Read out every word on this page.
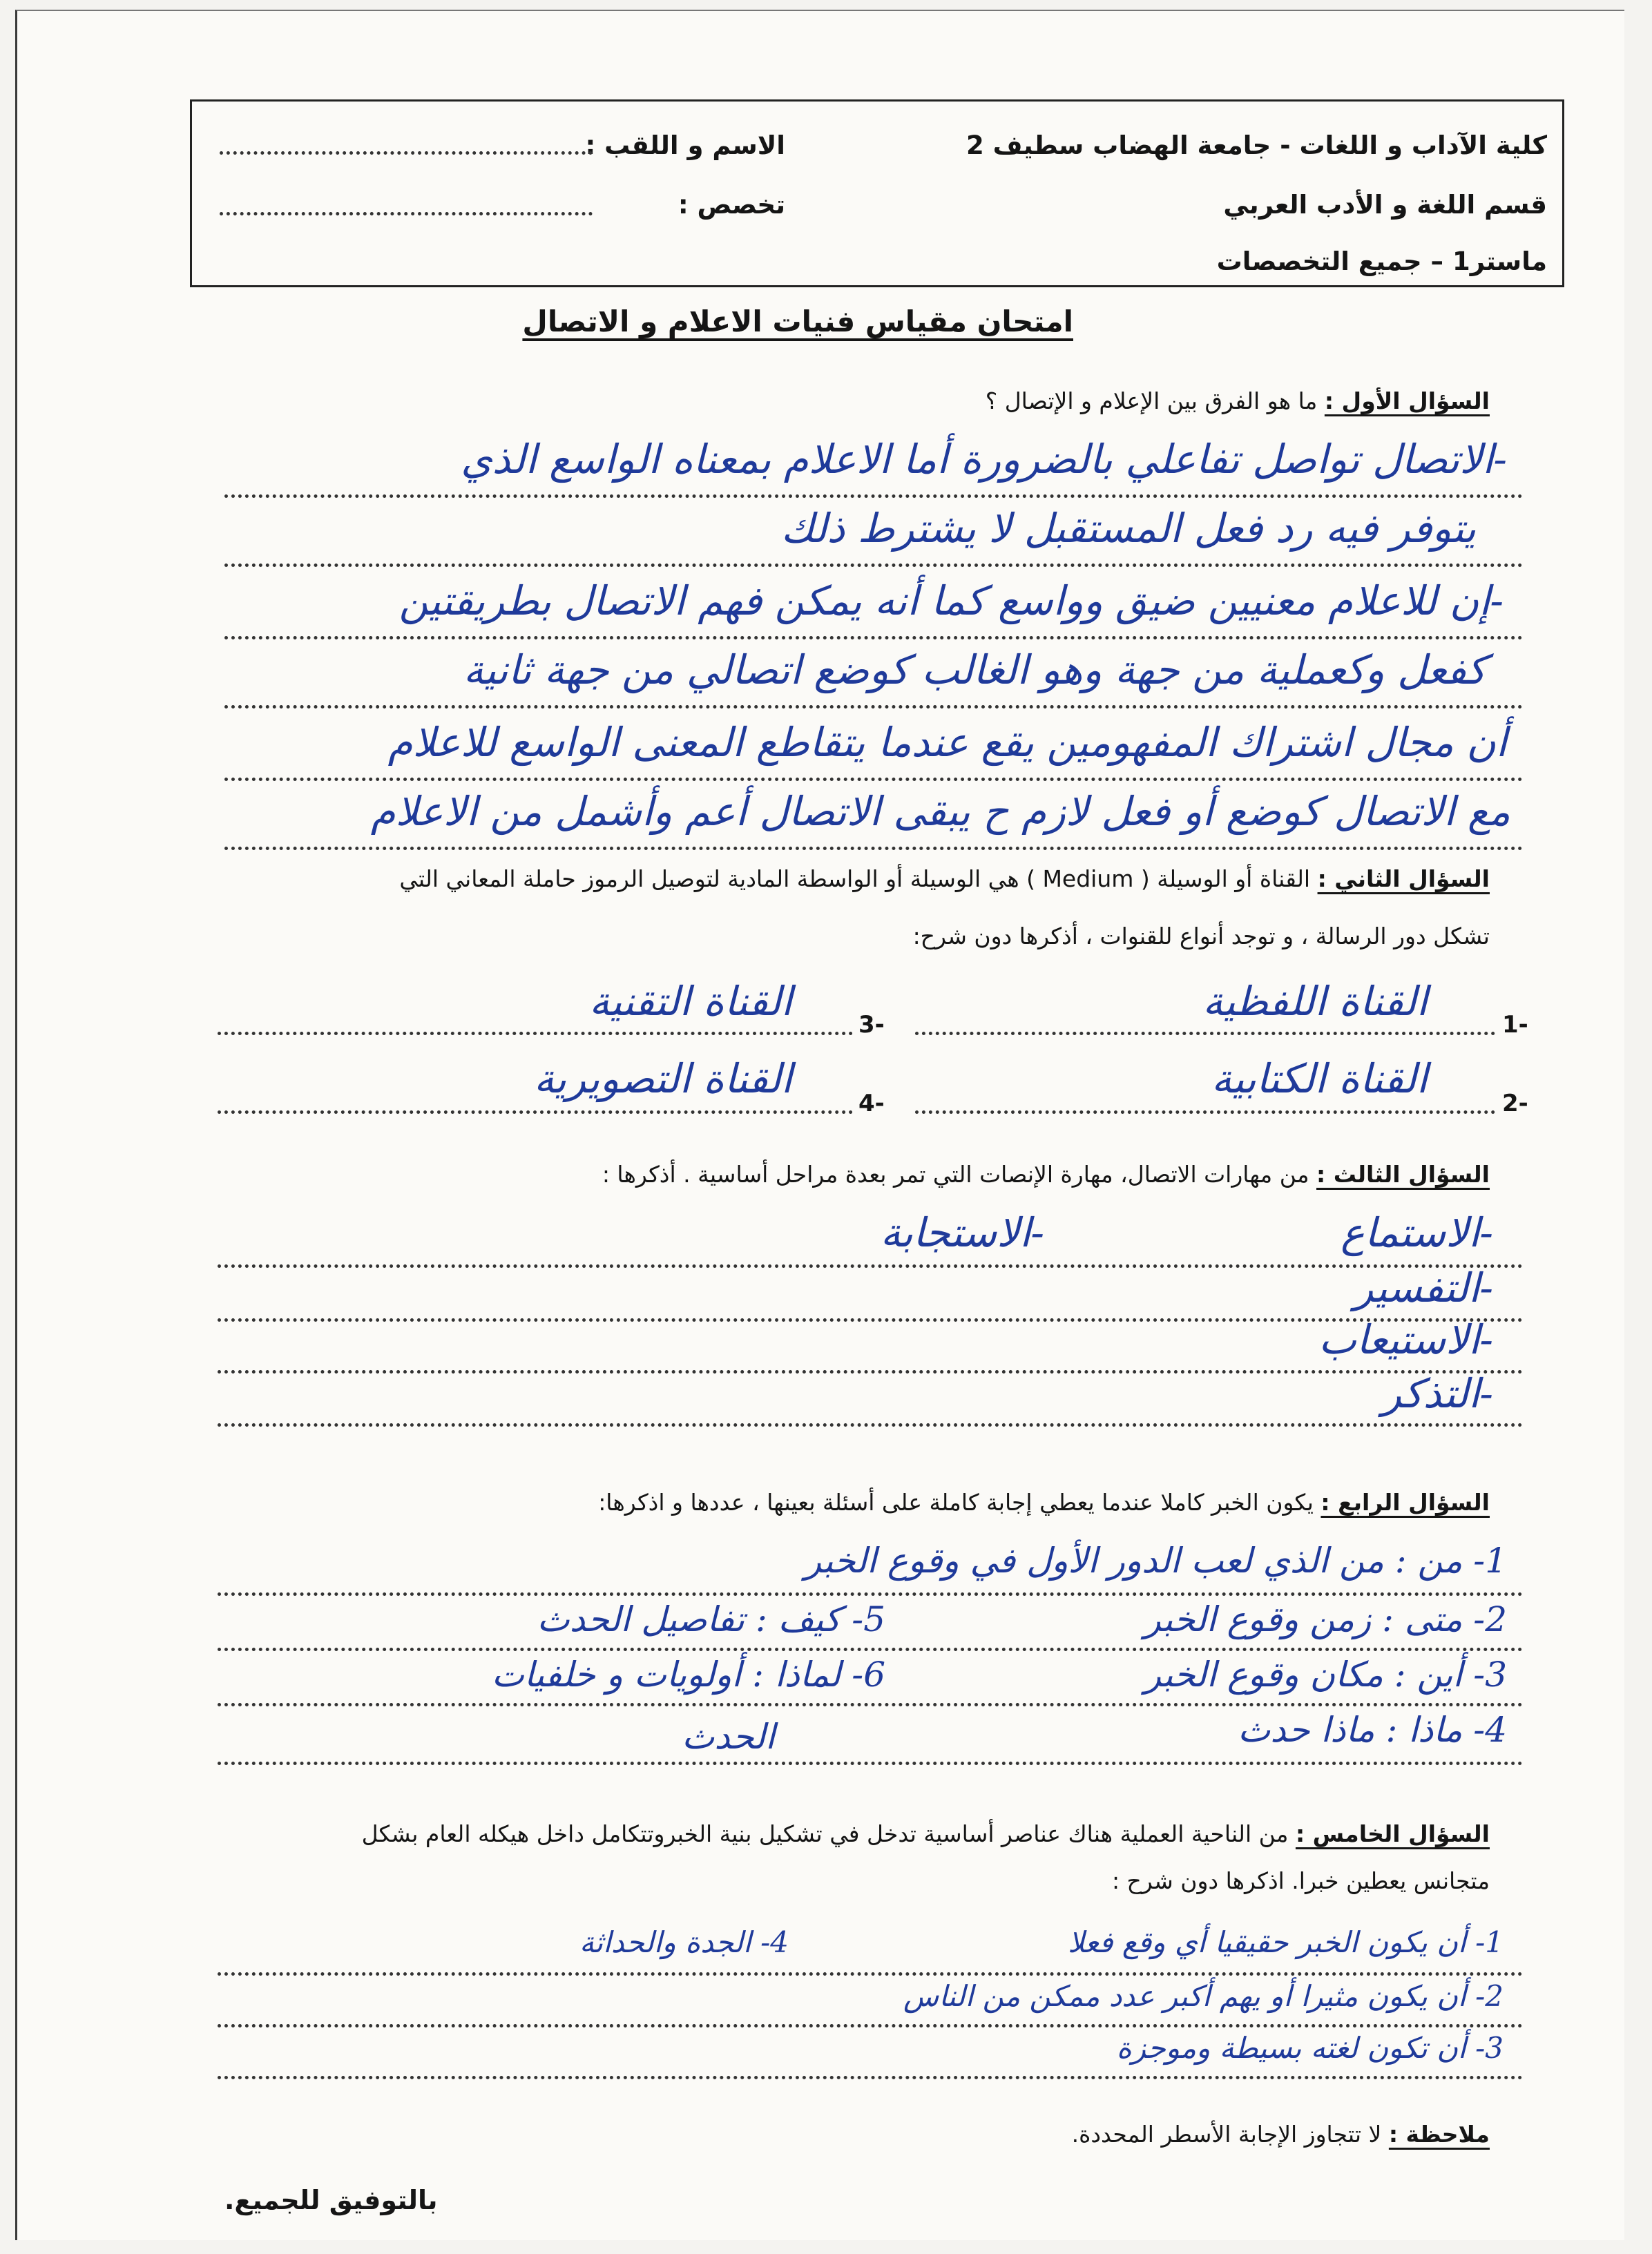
كلية الآداب و اللغات - جامعة الهضاب سطيف 2
قسم اللغة و الأدب العربي
ماستر1 – جميع التخصصات
الاسم و اللقب :
تخصص :
امتحان مقياس فنيات الاعلام و الاتصال
السؤال الأول : ما هو الفرق بين الإعلام و الإتصال ؟
-الاتصال تواصل تفاعلي بالضرورة أما الاعلام بمعناه الواسع الذي
يتوفر فيه رد فعل المستقبل لا يشترط ذلك
-إن للاعلام معنيين ضيق وواسع كما أنه يمكن فهم الاتصال بطريقتين
كفعل وكعملية من جهة وهو الغالب كوضع اتصالي من جهة ثانية
أن مجال اشتراك المفهومين يقع عندما يتقاطع المعنى الواسع للاعلام
مع الاتصال كوضع أو فعل لازم ح يبقى الاتصال أعم وأشمل من الاعلام
السؤال الثاني : القناة أو الوسيلة ( Medium ) هي الوسيلة أو الواسطة المادية لتوصيل الرموز حاملة المعاني التي
تشكل دور الرسالة ، و توجد أنواع للقنوات ، أذكرها دون شرح:
-1
القناة اللفظية
-3
القناة التقنية
-2
القناة الكتابية
-4
القناة التصويرية
السؤال الثالث : من مهارات الاتصال، مهارة الإنصات التي تمر بعدة مراحل أساسية . أذكرها :
-الاستماع
-الاستجابة
-التفسير
-الاستيعاب
-التذكر
السؤال الرابع : يكون الخبر كاملا عندما يعطي إجابة كاملة على أسئلة بعينها ، عددها و اذكرها:
1- من : من الذي لعب الدور الأول في وقوع الخبر
2- متى : زمن وقوع الخبر
3- أين : مكان وقوع الخبر
4- ماذا : ماذا حدث
5- كيف : تفاصيل الحدث
6- لماذا : أولويات و خلفيات
الحدث
السؤال الخامس : من الناحية العملية هناك عناصر أساسية تدخل في تشكيل بنية الخبروتتكامل داخل هيكله العام بشكل
متجانس يعطين خبرا. اذكرها دون شرح :
1- أن يكون الخبر حقيقيا أي وقع فعلا
4- الجدة والحداثة
2- أن يكون مثيرا أو يهم أكبر عدد ممكن من الناس
3- أن تكون لغته بسيطة وموجزة
ملاحظة : لا تتجاوز الإجابة الأسطر المحددة.
بالتوفيق للجميع.
